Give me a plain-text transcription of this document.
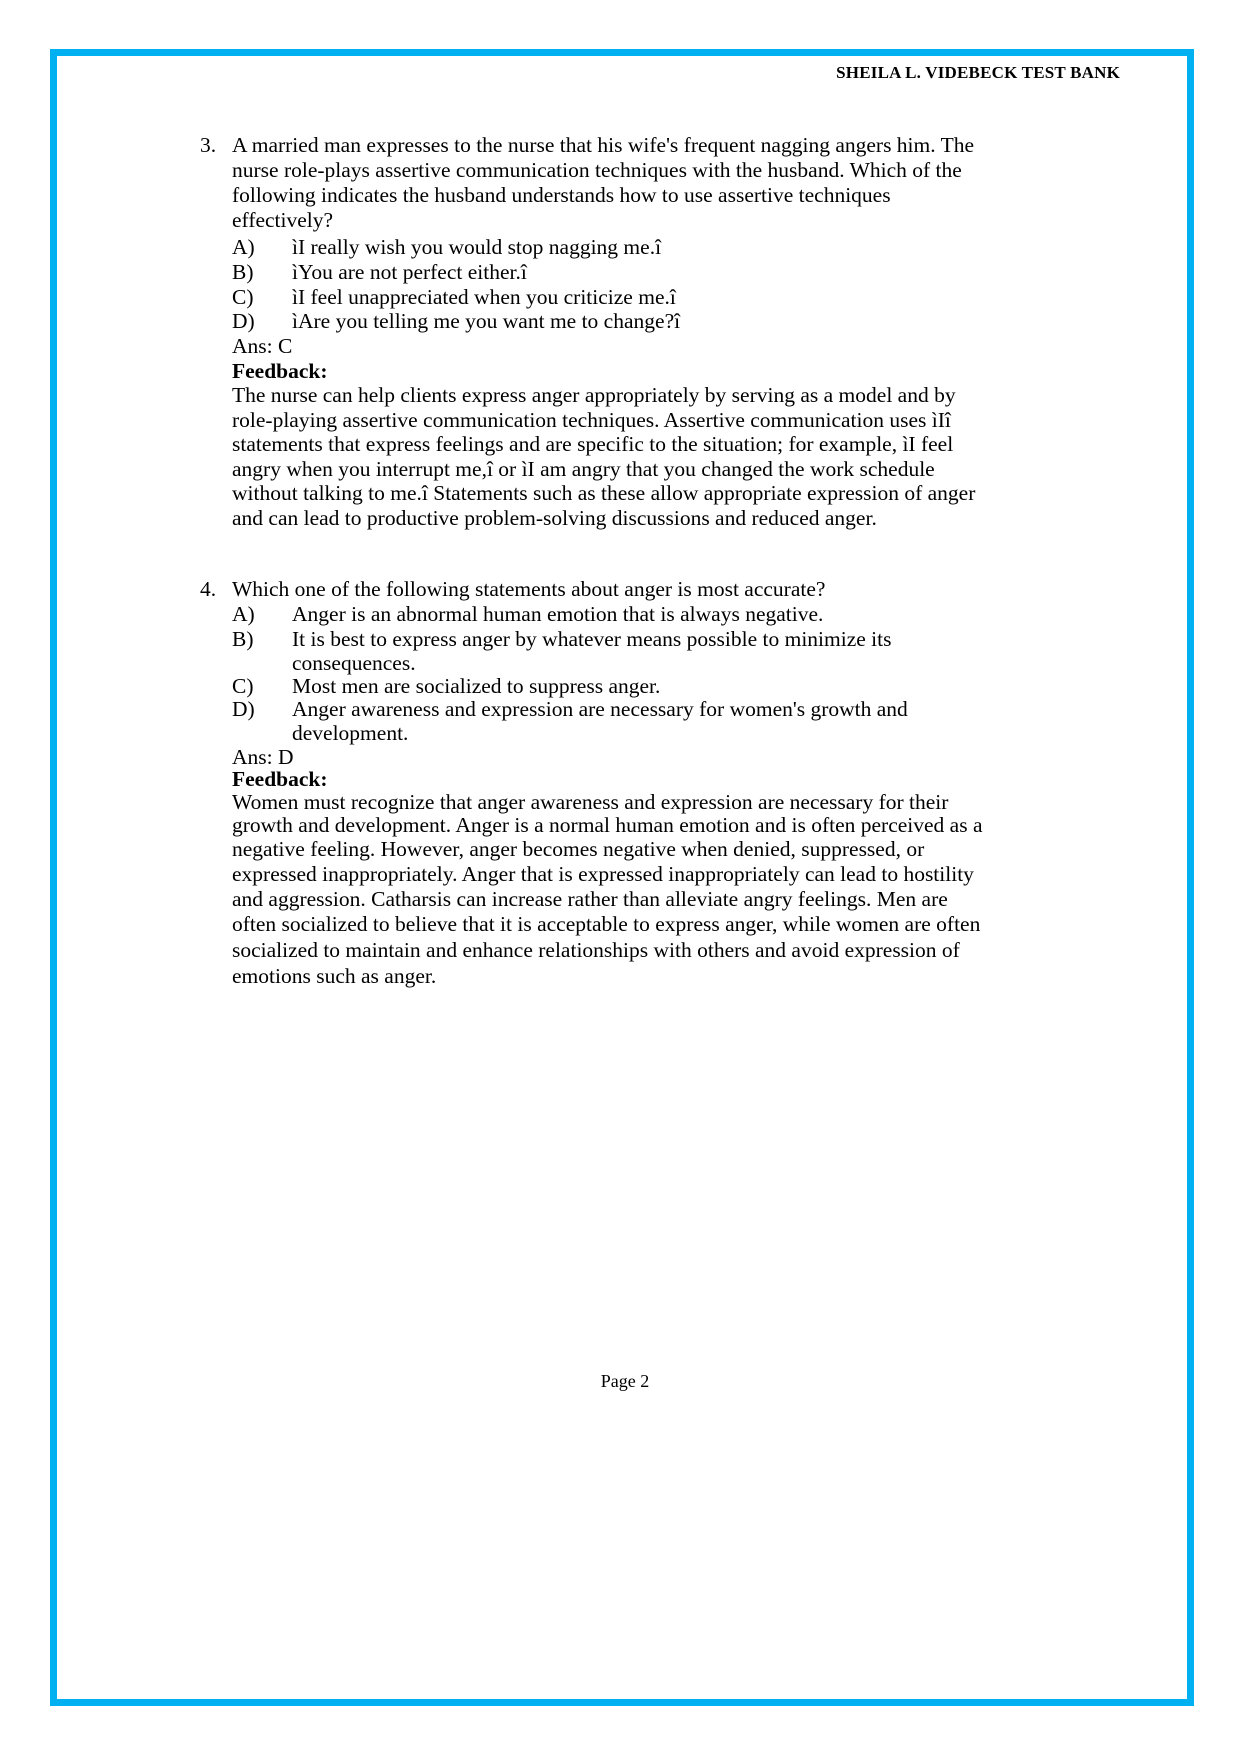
SHEILA L. VIDEBECK TEST BANK
3. A married man expresses to the nurse that his wife's frequent nagging angers him. The
nurse role-plays assertive communication techniques with the husband. Which of the
following indicates the husband understands how to use assertive techniques
effectively?
A) ìI really wish you would stop nagging me.î
B) ìYou are not perfect either.î
C) ìI feel unappreciated when you criticize me.î
D) ìAre you telling me you want me to change?î
Ans: C
Feedback:
The nurse can help clients express anger appropriately by serving as a model and by
role-playing assertive communication techniques. Assertive communication uses ìIî
statements that express feelings and are specific to the situation; for example, ìI feel
angry when you interrupt me,î or ìI am angry that you changed the work schedule
without talking to me.î Statements such as these allow appropriate expression of anger
and can lead to productive problem-solving discussions and reduced anger.
4. Which one of the following statements about anger is most accurate?
A) Anger is an abnormal human emotion that is always negative.
B) It is best to express anger by whatever means possible to minimize its
consequences.
C) Most men are socialized to suppress anger.
D) Anger awareness and expression are necessary for women's growth and
development.
Ans: D
Feedback:
Women must recognize that anger awareness and expression are necessary for their
growth and development. Anger is a normal human emotion and is often perceived as a
negative feeling. However, anger becomes negative when denied, suppressed, or
expressed inappropriately. Anger that is expressed inappropriately can lead to hostility
and aggression. Catharsis can increase rather than alleviate angry feelings. Men are
often socialized to believe that it is acceptable to express anger, while women are often
socialized to maintain and enhance relationships with others and avoid expression of
emotions such as anger.
Page 2
